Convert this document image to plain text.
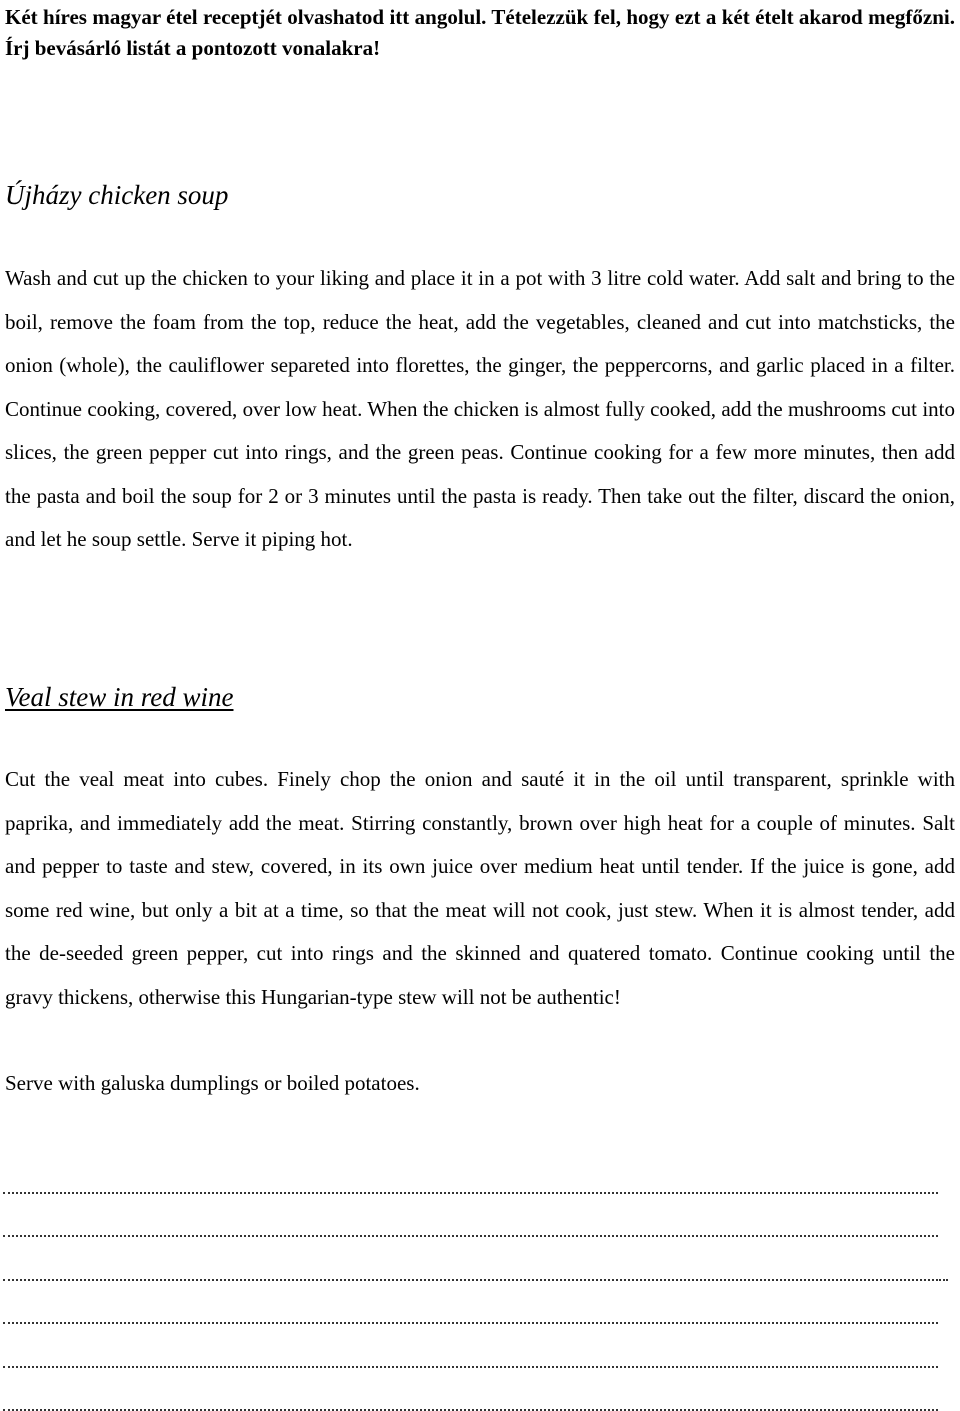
Két híres magyar étel receptjét olvashatod itt angolul. Tételezzük fel, hogy ezt a két ételt akarod megfőzni. Írj bevásárló listát a pontozott vonalakra!

Újházy chicken soup

Wash and cut up the chicken to your liking and place it in a pot with 3 litre cold water. Add salt and bring to the boil, remove the foam from the top, reduce the heat, add the vegetables, cleaned and cut into matchsticks, the onion (whole), the cauliflower separeted into florettes, the ginger, the peppercorns, and garlic placed in a filter. Continue cooking, covered, over low heat. When the chicken is almost fully cooked, add the mushrooms cut into slices, the green pepper cut into rings, and the green peas. Continue cooking for a few more minutes, then add the pasta and boil the soup for 2 or 3 minutes until the pasta is ready. Then take out the filter, discard the onion, and let he soup settle. Serve it piping hot.

Veal stew in red wine

Cut the veal meat into cubes. Finely chop the onion and sauté it in the oil until transparent, sprinkle with paprika, and immediately add the meat. Stirring constantly, brown over high heat for a couple of minutes. Salt and pepper to taste and stew, covered, in its own juice over medium heat until tender. If the juice is gone, add some red wine, but only a bit at a time, so that the meat will not cook, just stew. When it is almost tender, add the de-seeded green pepper, cut into rings and the skinned and quatered tomato. Continue cooking until the gravy thickens, otherwise this Hungarian-type stew will not be authentic!

Serve with galuska dumplings or boiled potatoes.
